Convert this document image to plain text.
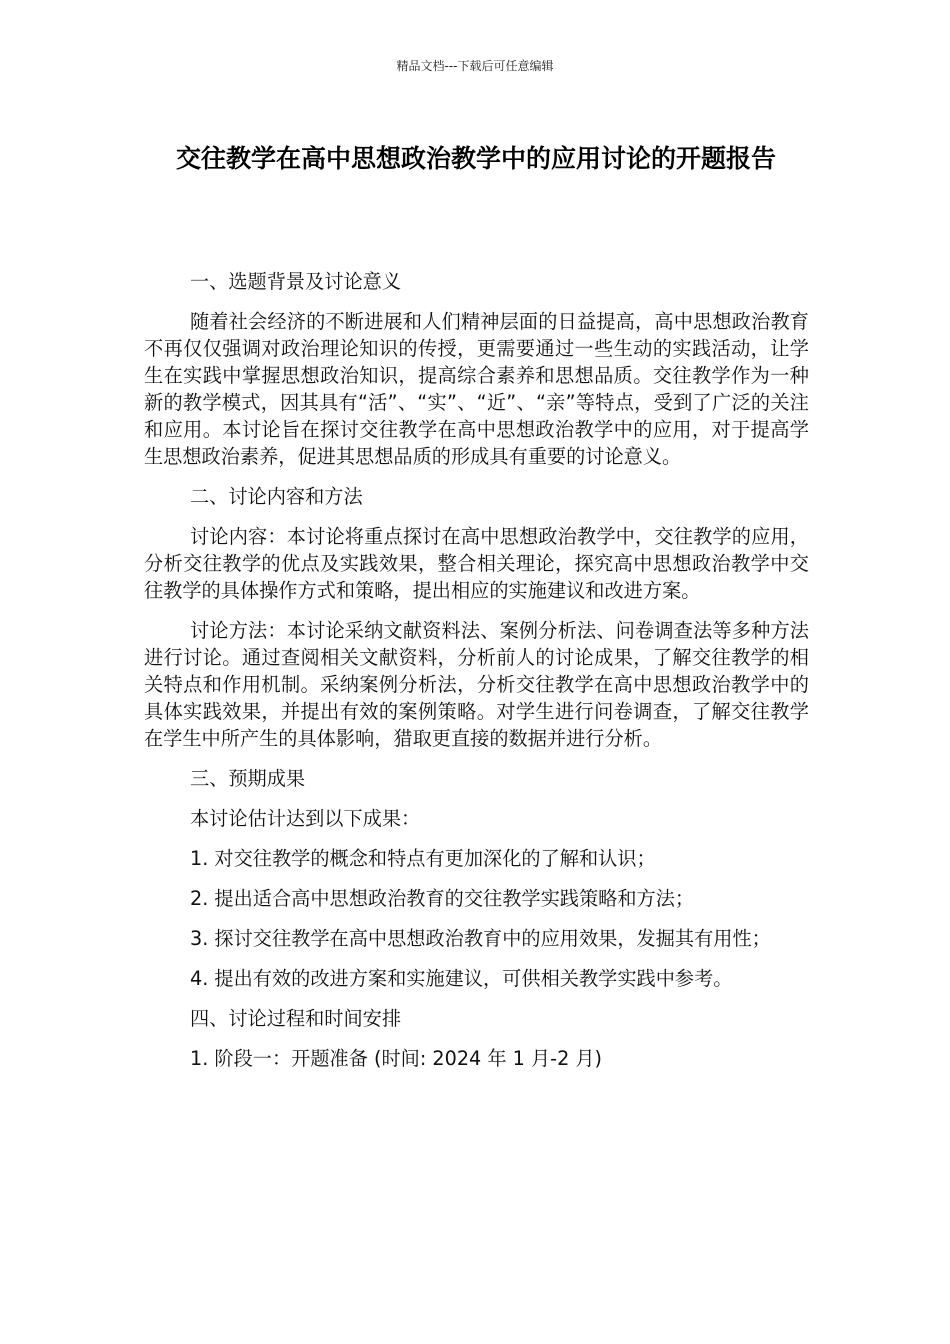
精品文档---下载后可任意编辑
交往教学在高中思想政治教学中的应用讨论的开题报告

一、选题背景及讨论意义

随着社会经济的不断进展和人们精神层面的日益提高，高中思想政治教育不再仅仅强调对政治理论知识的传授，更需要通过一些生动的实践活动，让学生在实践中掌握思想政治知识，提高综合素养和思想品质。交往教学作为一种新的教学模式，因其具有“活”、“实”、“近”、“亲”等特点，受到了广泛的关注和应用。本讨论旨在探讨交往教学在高中思想政治教学中的应用，对于提高学生思想政治素养，促进其思想品质的形成具有重要的讨论意义。

二、讨论内容和方法

讨论内容：本讨论将重点探讨在高中思想政治教学中，交往教学的应用，分析交往教学的优点及实践效果，整合相关理论，探究高中思想政治教学中交往教学的具体操作方式和策略，提出相应的实施建议和改进方案。

讨论方法：本讨论采纳文献资料法、案例分析法、问卷调查法等多种方法进行讨论。通过查阅相关文献资料，分析前人的讨论成果，了解交往教学的相关特点和作用机制。采纳案例分析法，分析交往教学在高中思想政治教学中的具体实践效果，并提出有效的案例策略。对学生进行问卷调查，了解交往教学在学生中所产生的具体影响，猎取更直接的数据并进行分析。

三、预期成果

本讨论估计达到以下成果：

1. 对交往教学的概念和特点有更加深化的了解和认识；

2. 提出适合高中思想政治教育的交往教学实践策略和方法；

3. 探讨交往教学在高中思想政治教育中的应用效果，发掘其有用性；

4. 提出有效的改进方案和实施建议，可供相关教学实践中参考。

四、讨论过程和时间安排

1. 阶段一：开题准备 (时间: 2024 年 1 月-2 月)
